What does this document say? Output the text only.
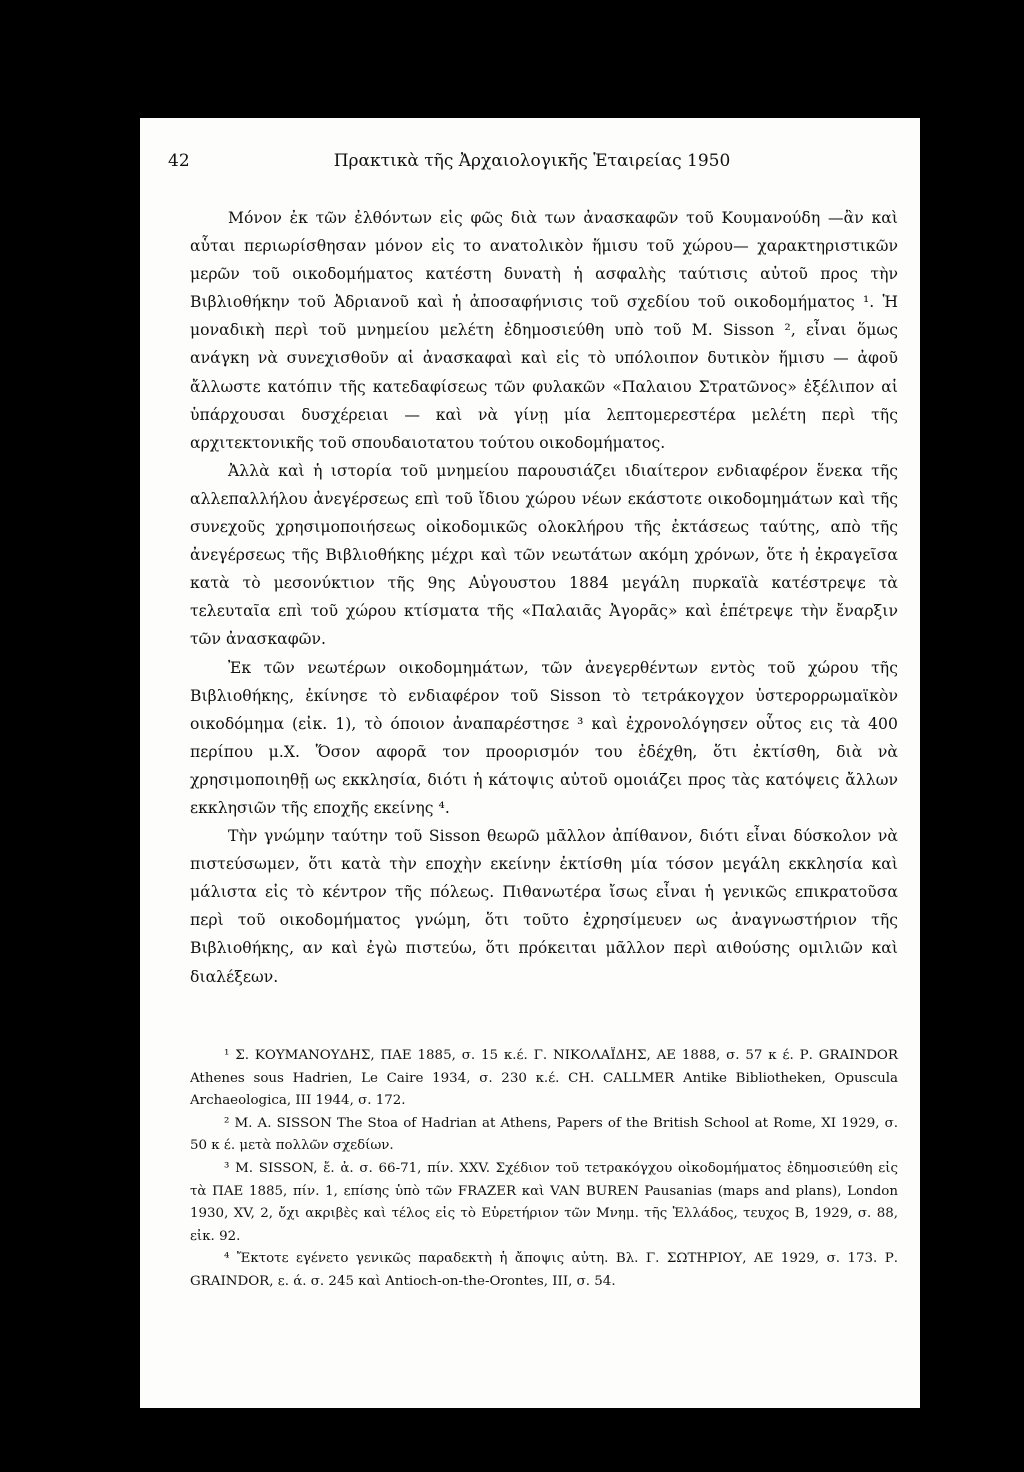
42	Πρακτικὰ τῆς Ἀρχαιολογικῆς Ἑταιρείας 1950

Μόνον ἐκ τῶν ἐλθόντων εἰς φῶς διὰ των ἀνασκαφῶν τοῦ Κουμανούδη —ἂν καὶ αὗται περιωρίσθησαν μόνον εἰς το ανατολικὸν ἥμισυ τοῦ χώρου— χαρακτηριστικῶν μερῶν τοῦ οικοδομήματος κατέστη δυνατὴ ἡ ασφαλὴς ταύτισις αὐτοῦ προς τὴν Βιβλιοθήκην τοῦ Ἀδριανοῦ καὶ ἡ ἀποσαφήνισις τοῦ σχεδίου τοῦ οικοδομήματος ¹. Ἡ μοναδικὴ περὶ τοῦ μνημείου μελέτη ἐδημοσιεύθη υπὸ τοῦ Μ. Sisson ², εἶναι ὅμως ανάγκη νὰ συνεχισθοῦν αἱ ἀνασκαφαὶ καὶ εἰς τὸ υπόλοιπον δυτικὸν ἥμισυ — ἀφοῦ ἄλλωστε κατόπιν τῆς κατεδαφίσεως τῶν φυλακῶν «Παλαιου Στρατῶνος» ἐξέλιπον αἱ ὑπάρχουσαι δυσχέρειαι — καὶ νὰ γίνῃ μία λεπτομερεστέρα μελέτη περὶ τῆς αρχιτεκτονικῆς τοῦ σπουδαιοτατου τούτου οικοδομήματος.

Ἀλλὰ καὶ ἡ ιστορία τοῦ μνημείου παρουσιάζει ιδιαίτερον ενδιαφέρον ἕνεκα τῆς αλλεπαλλήλου ἀνεγέρσεως επὶ τοῦ ἴδιου χώρου νέων εκάστοτε οικοδομημάτων καὶ τῆς συνεχοῦς χρησιμοποιήσεως οἰκοδομικῶς ολοκλήρου τῆς ἐκτάσεως ταύτης, απὸ τῆς ἀνεγέρσεως τῆς Βιβλιοθήκης μέχρι καὶ τῶν νεωτάτων ακόμη χρόνων, ὅτε ἡ ἐκραγεῖσα κατὰ τὸ μεσονύκτιον τῆς 9ης Αὐγουστου 1884 μεγάλη πυρκαϊὰ κατέστρεψε τὰ τελευταῖα επὶ τοῦ χώρου κτίσματα τῆς «Παλαιᾶς Ἀγορᾶς» καὶ ἐπέτρεψε τὴν ἔναρξιν τῶν ἀνασκαφῶν.

Ἐκ τῶν νεωτέρων οικοδομημάτων, τῶν ἀνεγερθέντων εντὸς τοῦ χώρου τῆς Βιβλιοθήκης, ἐκίνησε τὸ ενδιαφέρον τοῦ Sisson τὸ τετράκογχον ὑστερορρωμαϊκὸν οικοδόμημα (εἰκ. 1), τὸ όποιον ἀναπαρέστησε ³ καὶ ἐχρονολόγησεν οὗτος εις τὰ 400 περίπου μ.Χ. Ὅσον αφορᾶ τον προορισμόν του ἐδέχθη, ὅτι ἐκτίσθη, διὰ νὰ χρησιμοποιηθῇ ως εκκλησία, διότι ἡ κάτοψις αὐτοῦ ομοιάζει προς τὰς κατόψεις ἄλλων εκκλησιῶν τῆς εποχῆς εκείνης ⁴.

Τὴν γνώμην ταύτην τοῦ Sisson θεωρῶ μᾶλλον ἀπίθανον, διότι εἶναι δύσκολον νὰ πιστεύσωμεν, ὅτι κατὰ τὴν εποχὴν εκείνην ἐκτίσθη μία τόσον μεγάλη εκκλησία καὶ μάλιστα εἰς τὸ κέντρον τῆς πόλεως. Πιθανωτέρα ἴσως εἶναι ἡ γενικῶς επικρατοῦσα περὶ τοῦ οικοδομήματος γνώμη, ὅτι τοῦτο ἐχρησίμευεν ως ἀναγνωστήριον τῆς Βιβλιοθήκης, αν καὶ ἐγὼ πιστεύω, ὅτι πρόκειται μᾶλλον περὶ αιθούσης ομιλιῶν καὶ διαλέξεων.

¹ Σ. ΚΟΥΜΑΝΟΥΔΗΣ, ΠΑΕ 1885, σ. 15 κ.έ. Γ. ΝΙΚΟΛΑΪΔΗΣ, ΑΕ 1888, σ. 57 κ έ. Ρ. GRAINDOR Athenes sous Hadrien, Le Caire 1934, σ. 230 κ.έ. CH. CALLMER Antike Bibliotheken, Opuscula Archaeologica, III 1944, σ. 172.

² Μ. Α. SISSON The Stoa of Hadrian at Athens, Papers of the British School at Rome, XI 1929, σ. 50 κ έ. μετὰ πολλῶν σχεδίων.

³ Μ. SISSON, ἔ. ἀ. σ. 66-71, πίν. XXV. Σχέδιον τοῦ τετρακόγχου οἰκοδομήματος ἐδημοσιεύθη εἰς τὰ ΠΑΕ 1885, πίν. 1, επίσης ὑπὸ τῶν FRAZER καὶ VAN BUREN Pausanias (maps and plans), London 1930, XV, 2, ὄχι ακριβὲς καὶ τέλος εἰς τὸ Εὑρετήριον τῶν Μνημ. τῆς Ἑλλάδος, τευχος Β, 1929, σ. 88, εἰκ. 92.

⁴ Ἔκτοτε εγένετο γενικῶς παραδεκτὴ ἡ ἄποψις αὐτη. Βλ. Γ. ΣΩΤΗΡΙΟΥ, ΑΕ 1929, σ. 173. Ρ. GRAINDOR, ε. ά. σ. 245 καὶ Antioch-on-the-Orontes, III, σ. 54.
